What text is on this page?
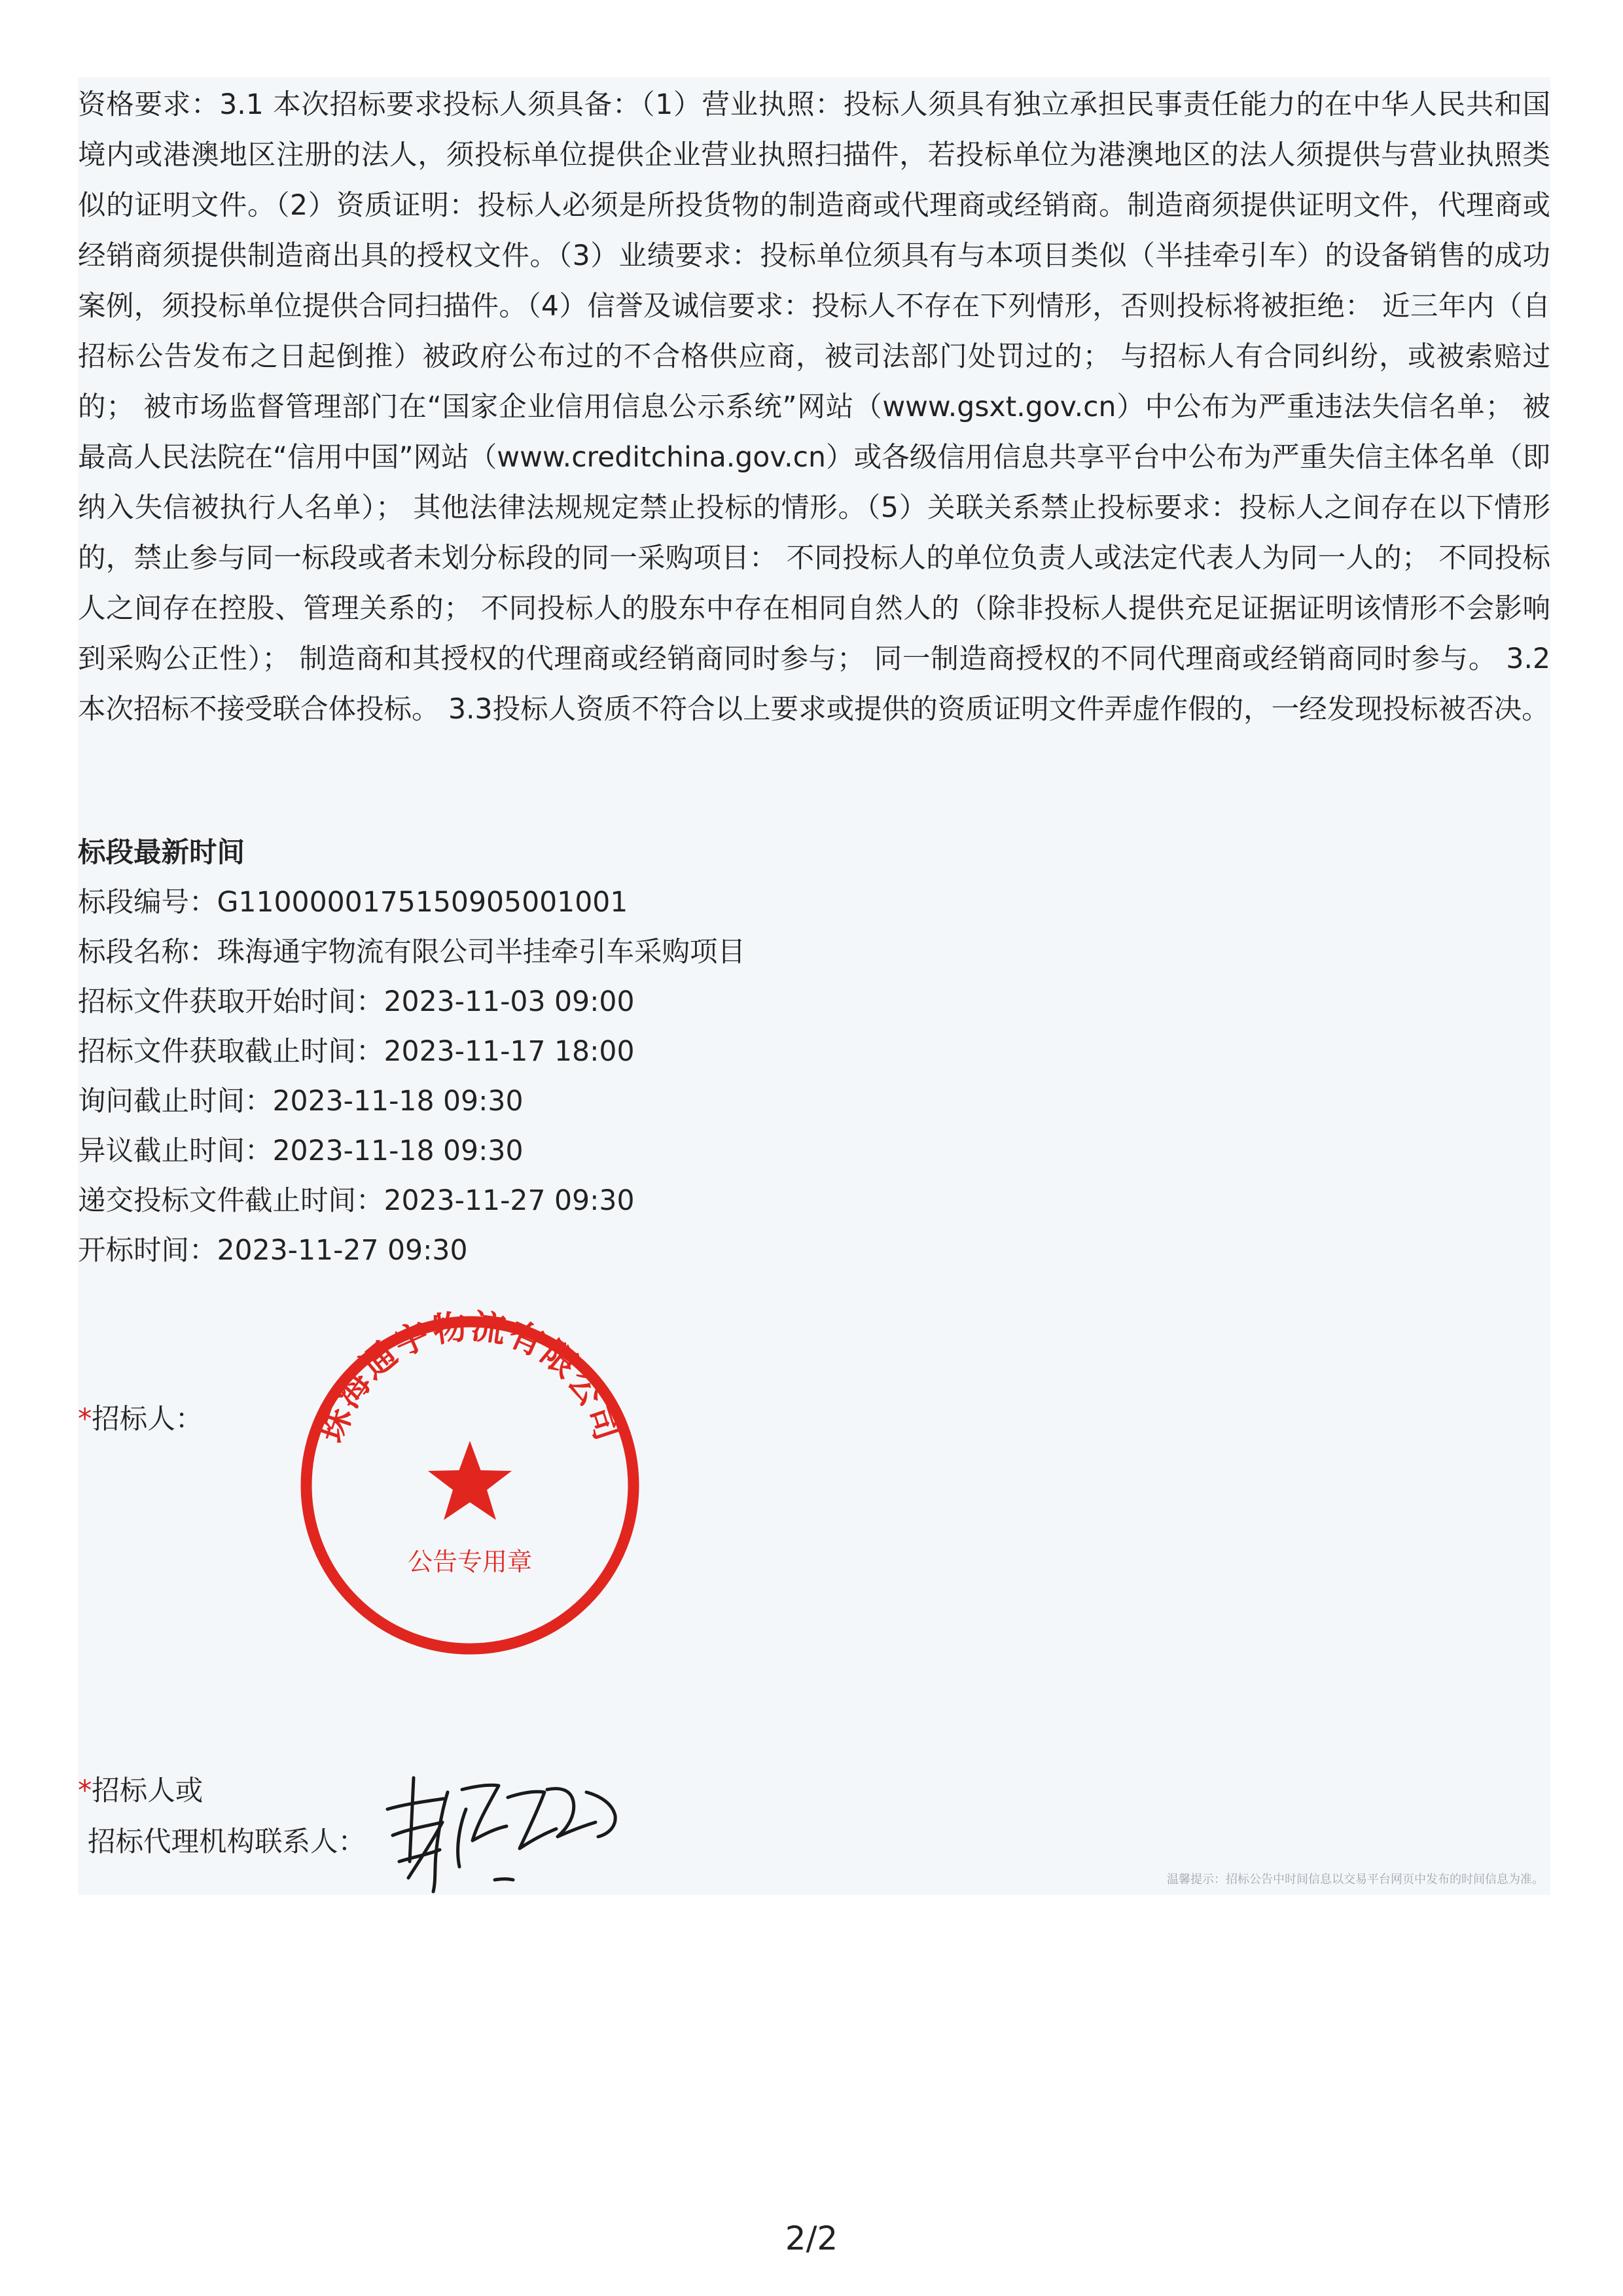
资格要求：3.1 本次招标要求投标人须具备：（1）营业执照：投标人须具有独立承担民事责任能力的在中华人民共和国境内或港澳地区注册的法人，须投标单位提供企业营业执照扫描件，若投标单位为港澳地区的法人须提供与营业执照类似的证明文件。（2）资质证明：投标人必须是所投货物的制造商或代理商或经销商。制造商须提供证明文件，代理商或经销商须提供制造商出具的授权文件。（3）业绩要求：投标单位须具有与本项目类似（半挂牵引车）的设备销售的成功案例，须投标单位提供合同扫描件。（4）信誉及诚信要求：投标人不存在下列情形，否则投标将被拒绝： 近三年内（自招标公告发布之日起倒推）被政府公布过的不合格供应商，被司法部门处罚过的； 与招标人有合同纠纷，或被索赔过的； 被市场监督管理部门在“国家企业信用信息公示系统”网站（www.gsxt.gov.cn）中公布为严重违法失信名单； 被最高人民法院在“信用中国”网站（www.creditchina.gov.cn）或各级信用信息共享平台中公布为严重失信主体名单（即纳入失信被执行人名单）； 其他法律法规规定禁止投标的情形。（5）关联关系禁止投标要求：投标人之间存在以下情形的，禁止参与同一标段或者未划分标段的同一采购项目： 不同投标人的单位负责人或法定代表人为同一人的； 不同投标人之间存在控股、管理关系的； 不同投标人的股东中存在相同自然人的（除非投标人提供充足证据证明该情形不会影响到采购公正性）； 制造商和其授权的代理商或经销商同时参与； 同一制造商授权的不同代理商或经销商同时参与。 3.2 本次招标不接受联合体投标。 3.3投标人资质不符合以上要求或提供的资质证明文件弄虚作假的，一经发现投标被否决。

标段最新时间
标段编号：G1100000175150905001001
标段名称：珠海通宇物流有限公司半挂牵引车采购项目
招标文件获取开始时间：2023-11-03 09:00
招标文件获取截止时间：2023-11-17 18:00
询问截止时间：2023-11-18 09:30
异议截止时间：2023-11-18 09:30
递交投标文件截止时间：2023-11-27 09:30
开标时间：2023-11-27 09:30
*招标人：	珠海通宇物流有限公司
公告专用章
*招标人或
招标代理机构联系人：
温馨提示：招标公告中时间信息以交易平台网页中发布的时间信息为准。
2/2
